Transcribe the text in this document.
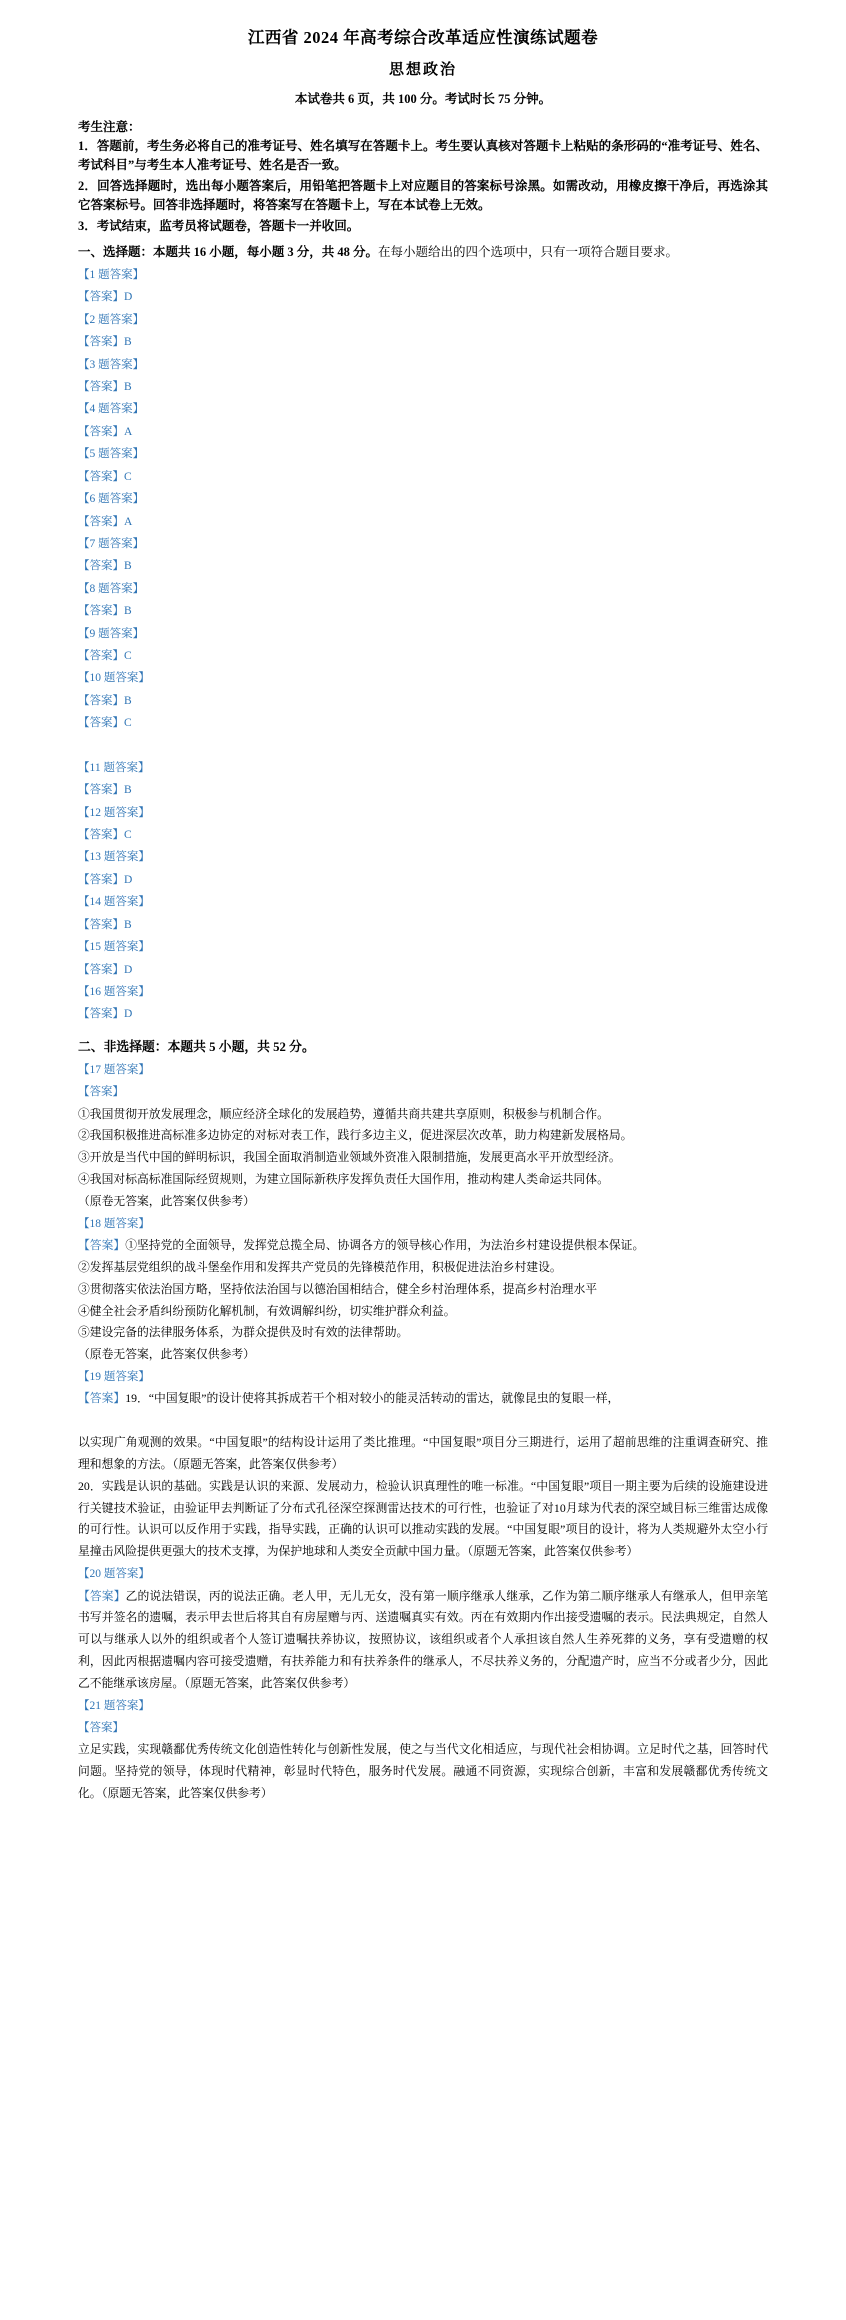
江西省 2024 年高考综合改革适应性演练试题卷
思想政治
本试卷共 6 页，共 100 分。考试时长 75 分钟。
考生注意：
1．答题前，考生务必将自己的准考证号、姓名填写在答题卡上。考生要认真核对答题卡上粘贴的条形码的“准考证号、姓名、考试科目”与考生本人准考证号、姓名是否一致。
2．回答选择题时，选出每小题答案后，用铅笔把答题卡上对应题目的答案标号涂黑。如需改动，用橡皮擦干净后，再选涂其它答案标号。回答非选择题时，将答案写在答题卡上，写在本试卷上无效。
3．考试结束，监考员将试题卷，答题卡一并收回。
一、选择题：本题共 16 小题，每小题 3 分，共 48 分。在每小题给出的四个选项中，只有一项符合题目要求。
【1 题答案】
【答案】D
【2 题答案】
【答案】B
【3 题答案】
【答案】B
【4 题答案】
【答案】A
【5 题答案】
【答案】C
【6 题答案】
【答案】A
【7 题答案】
【答案】B
【8 题答案】
【答案】B
【9 题答案】
【答案】C
【10 题答案】
【答案】B
【答案】C
【11 题答案】
【答案】B
【12 题答案】
【答案】C
【13 题答案】
【答案】D
【14 题答案】
【答案】B
【15 题答案】
【答案】D
【16 题答案】
【答案】D
二、非选择题：本题共 5 小题，共 52 分。
【17 题答案】
【答案】
①我国贯彻开放发展理念，顺应经济全球化的发展趋势，遵循共商共建共享原则，积极参与机制合作。
②我国积极推进高标准多边协定的对标对表工作，践行多边主义，促进深层次改革，助力构建新发展格局。
③开放是当代中国的鲜明标识，我国全面取消制造业领域外资准入限制措施，发展更高水平开放型经济。
④我国对标高标准国际经贸规则，为建立国际新秩序发挥负责任大国作用，推动构建人类命运共同体。
（原卷无答案，此答案仅供参考）
【18 题答案】
【答案】①坚持党的全面领导，发挥党总揽全局、协调各方的领导核心作用，为法治乡村建设提供根本保证。
②发挥基层党组织的战斗堡垒作用和发挥共产党员的先锋模范作用，积极促进法治乡村建设。
③贯彻落实依法治国方略，坚持依法治国与以德治国相结合，健全乡村治理体系，提高乡村治理水平
④健全社会矛盾纠纷预防化解机制，有效调解纠纷，切实维护群众利益。
⑤建设完备的法律服务体系，为群众提供及时有效的法律帮助。
（原卷无答案，此答案仅供参考）
【19 题答案】
【答案】19．“中国复眼”的设计使将其拆成若干个相对较小的能灵活转动的雷达，就像昆虫的复眼一样，
以实现广角观测的效果。“中国复眼”的结构设计运用了类比推理。“中国复眼”项目分三期进行，运用了超前思维的注重调查研究、推理和想象的方法。（原题无答案，此答案仅供参考）
20．实践是认识的基础。实践是认识的来源、发展动力，检验认识真理性的唯一标准。“中国复眼”项目一期主要为后续的设施建设进行关键技术验证，由验证甲去判断证了分布式孔径深空探测雷达技术的可行性，也验证了对10月球为代表的深空域目标三维雷达成像的可行性。认识可以反作用于实践，指导实践，正确的认识可以推动实践的发展。“中国复眼”项目的设计，将为人类规避外太空小行星撞击风险提供更强大的技术支撑，为保护地球和人类安全贡献中国力量。（原题无答案，此答案仅供参考）
【20 题答案】
【答案】乙的说法错误，丙的说法正确。老人甲，无儿无女，没有第一顺序继承人继承，乙作为第二顺序继承人有继承人，但甲亲笔书写并签名的遗嘱，表示甲去世后将其自有房屋赠与丙、送遗嘱真实有效。丙在有效期内作出接受遗嘱的表示。民法典规定，自然人可以与继承人以外的组织或者个人签订遗嘱扶养协议，按照协议，该组织或者个人承担该自然人生养死葬的义务，享有受遗赠的权利，因此丙根据遗嘱内容可接受遗赠，有扶养能力和有扶养条件的继承人，不尽扶养义务的，分配遗产时，应当不分或者少分，因此乙不能继承该房屋。（原题无答案，此答案仅供参考）
【21 题答案】
【答案】
立足实践，实现赣鄱优秀传统文化创造性转化与创新性发展，使之与当代文化相适应，与现代社会相协调。立足时代之基，回答时代问题。坚持党的领导，体现时代精神，彰显时代特色，服务时代发展。融通不同资源，实现综合创新，丰富和发展赣鄱优秀传统文化。（原题无答案，此答案仅供参考）
